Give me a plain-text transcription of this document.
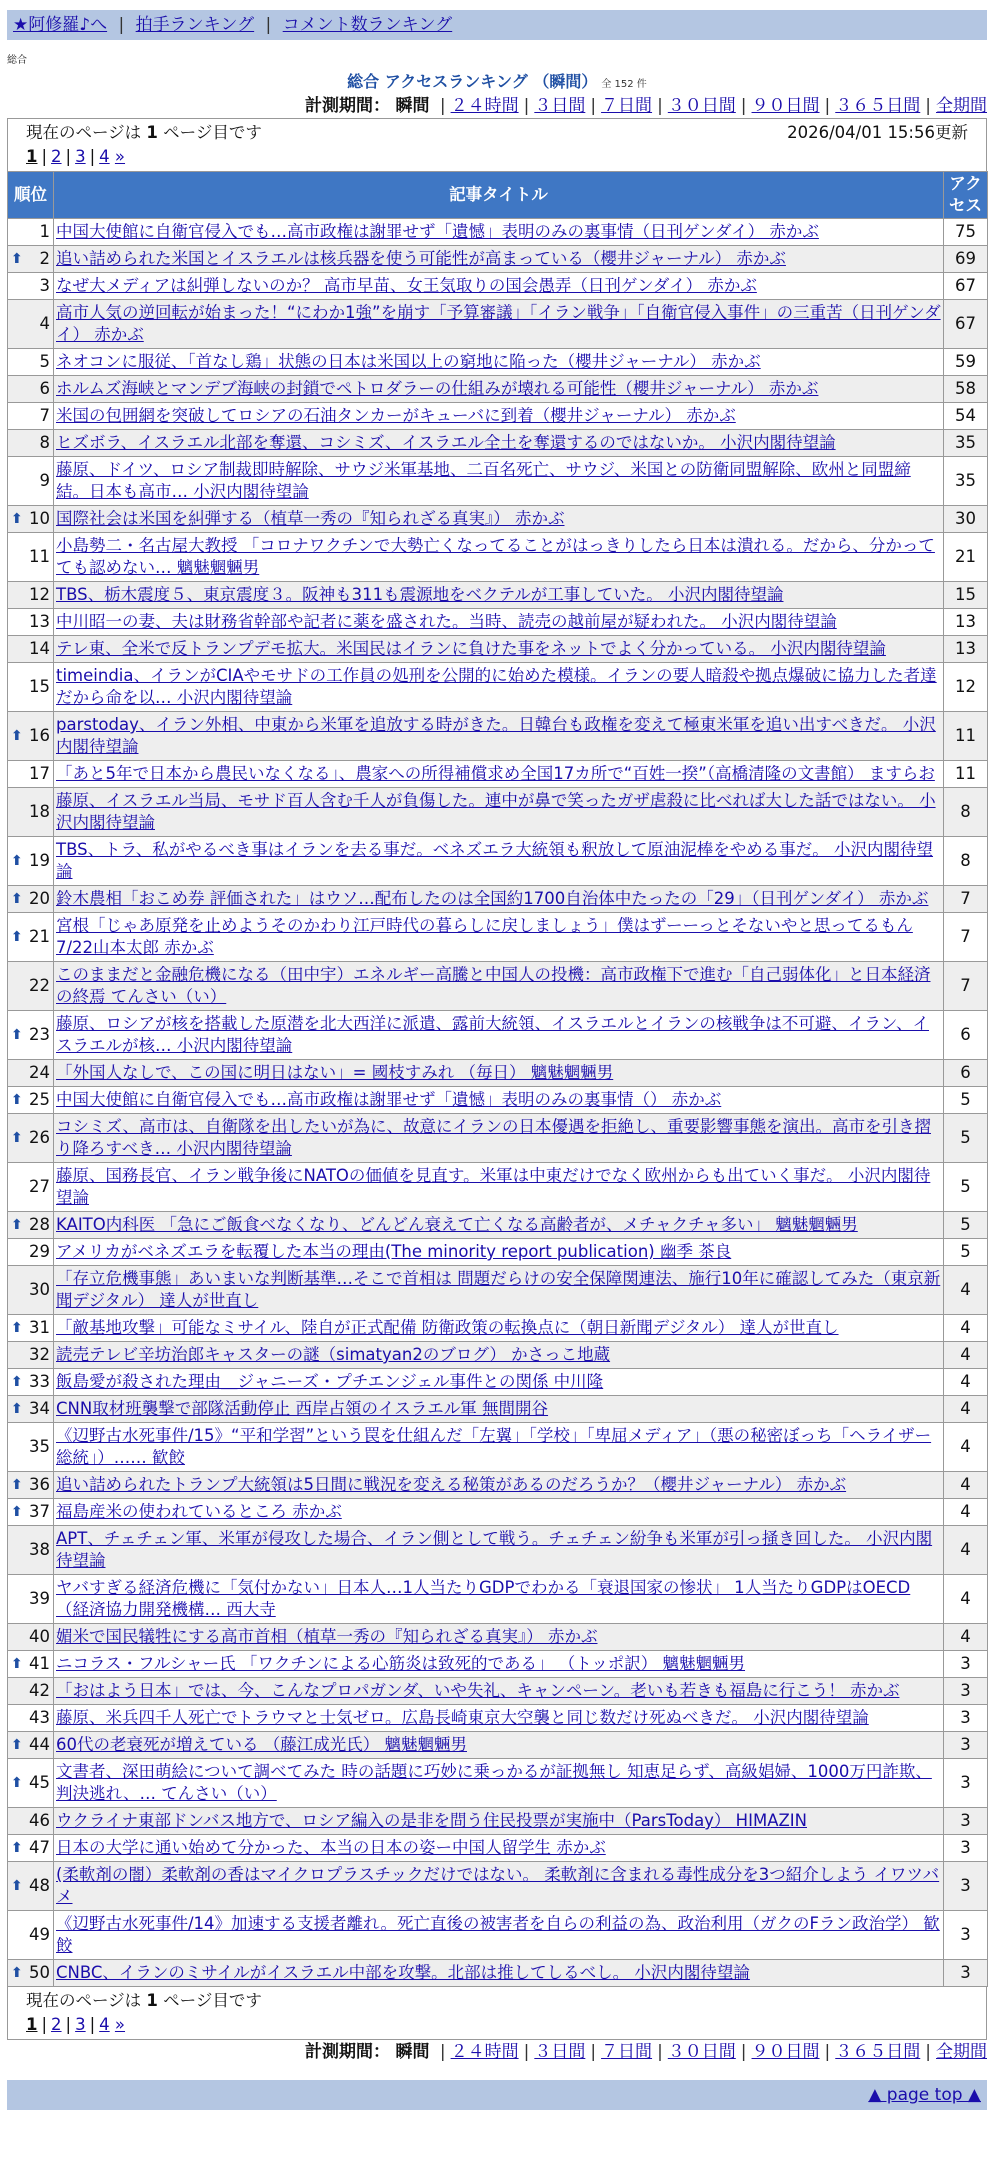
★阿修羅♪へ | 拍手ランキング | コメント数ランキング
総合
総合 アクセスランキング （瞬間） 全 152 件
計測期間： 瞬間 | ２４時間 | ３日間 | ７日間 | ３０日間 | ９０日間 | ３６５日間 | 全期間
現在のページは 1 ページ目です	2026/04/01 15:56更新
1 | 2 | 3 | 4 »
順位	記事タイトル	アクセス
1	中国大使館に自衛官侵入でも…高市政権は謝罪せず「遺憾」表明のみの裏事情（日刊ゲンダイ） 赤かぶ	75

⬆ 2	追い詰められた米国とイスラエルは核兵器を使う可能性が高まっている（櫻井ジャーナル） 赤かぶ	69
3	なぜ大メディアは糾弾しないのか？ 高市早苗、女王気取りの国会愚弄（日刊ゲンダイ） 赤かぶ	67
4	高市人気の逆回転が始まった！“にわか1強”を崩す「予算審議」「イラン戦争」「自衛官侵入事件」の三重苦（日刊ゲンダイ） 赤かぶ	67
5	ネオコンに服従、「首なし鶏」状態の日本は米国以上の窮地に陥った（櫻井ジャーナル） 赤かぶ	59
6	ホルムズ海峡とマンデブ海峡の封鎖でペトロダラーの仕組みが壊れる可能性（櫻井ジャーナル） 赤かぶ	58
7	米国の包囲網を突破してロシアの石油タンカーがキューバに到着（櫻井ジャーナル） 赤かぶ	54
8	ヒズボラ、イスラエル北部を奪還、コシミズ、イスラエル全土を奪還するのではないか。 小沢内閣待望論	35
9	藤原、ドイツ、ロシア制裁即時解除、サウジ米軍基地、二百名死亡、サウジ、米国との防衛同盟解除、欧州と同盟締結。日本も高市… 小沢内閣待望論	35

⬆ 10	国際社会は米国を糾弾する（植草一秀の『知られざる真実』） 赤かぶ	30
11	小島勢二・名古屋大教授 「コロナワクチンで大勢亡くなってることがはっきりしたら日本は潰れる。だから、分かってても認めない… 魑魅魍魎男	21
12	TBS、栃木震度５、東京震度３。阪神も311も震源地をベクテルが工事していた。 小沢内閣待望論	15
13	中川昭一の妻、夫は財務省幹部や記者に薬を盛された。当時、読売の越前屋が疑われた。 小沢内閣待望論	13
14	テレ東、全米で反トランプデモ拡大。米国民はイランに負けた事をネットでよく分かっている。 小沢内閣待望論	13
15	timeindia、イランがCIAやモサドの工作員の処刑を公開的に始めた模様。イランの要人暗殺や拠点爆破に協力した者達だから命を以… 小沢内閣待望論	12

⬆ 16	parstoday、イラン外相、中東から米軍を追放する時がきた。日韓台も政権を変えて極東米軍を追い出すべきだ。 小沢内閣待望論	11
17	「あと5年で日本から農民いなくなる」、農家への所得補償求め全国17カ所で“百姓一揆”（高橋清隆の文書館） ますらお	11
18	藤原、イスラエル当局、モサド百人含む千人が負傷した。連中が鼻で笑ったガザ虐殺に比べれば大した話ではない。 小沢内閣待望論	8

⬆ 19	TBS、トラ、私がやるべき事はイランを去る事だ。ベネズエラ大統領も釈放して原油泥棒をやめる事だ。 小沢内閣待望論	8

⬆ 20	鈴木農相「おこめ券 評価された」はウソ…配布したのは全国約1700自治体中たったの「29」（日刊ゲンダイ） 赤かぶ	7

⬆ 21	宮根「じゃあ原発を止めようそのかわり江戸時代の暮らしに戻しましょう」僕はずーーっとそないやと思ってるもん7/22山本太郎 赤かぶ	7
22	このままだと金融危機になる（田中宇）エネルギー高騰と中国人の投機：高市政権下で進む「自己弱体化」と日本経済の終焉 てんさい（い）	7

⬆ 23	藤原、ロシアが核を搭載した原潜を北大西洋に派遣、露前大統領、イスラエルとイランの核戦争は不可避、イラン、イスラエルが核… 小沢内閣待望論	6
24	「外国人なしで、この国に明日はない」= 國枝すみれ （毎日） 魑魅魍魎男	6

⬆ 25	中国大使館に自衛官侵入でも…高市政権は謝罪せず「遺憾」表明のみの裏事情（） 赤かぶ	5

⬆ 26	コシミズ、高市は、自衛隊を出したいが為に、故意にイランの日本優遇を拒絶し、重要影響事態を演出。高市を引き摺り降ろすべき… 小沢内閣待望論	5
27	藤原、国務長官、イラン戦争後にNATOの価値を見直す。米軍は中東だけでなく欧州からも出ていく事だ。 小沢内閣待望論	5

⬆ 28	KAITO内科医 「急にご飯食べなくなり、どんどん衰えて亡くなる高齢者が、メチャクチャ多い」 魑魅魍魎男	5
29	アメリカがベネズエラを転覆した本当の理由(The minority report publication) 幽季 茶良	5
30	「存立危機事態」あいまいな判断基準…そこで首相は 問題だらけの安全保障関連法、施行10年に確認してみた（東京新聞デジタル） 達人が世直し	4

⬆ 31	「敵基地攻撃」可能なミサイル、陸自が正式配備 防衛政策の転換点に（朝日新聞デジタル） 達人が世直し	4
32	読売テレビ辛坊治郎キャスターの謎（simatyan2のブログ） かさっこ地蔵	4

⬆ 33	飯島愛が殺された理由＿ジャニーズ・プチエンジェル事件との関係 中川隆	4

⬆ 34	CNN取材班襲撃で部隊活動停止 西岸占領のイスラエル軍 無間開谷	4
35	《辺野古水死事件/15》“平和学習”という罠を仕組んだ「左翼」「学校」「卑屈メディア」（悪の秘密ぼっち「ヘライザー総統」）…… 歓餃	4

⬆ 36	追い詰められたトランプ大統領は5日間に戦況を変える秘策があるのだろうか？（櫻井ジャーナル） 赤かぶ	4

⬆ 37	福島産米の使われているところ 赤かぶ	4
38	APT、チェチェン軍、米軍が侵攻した場合、イラン側として戦う。チェチェン紛争も米軍が引っ掻き回した。 小沢内閣待望論	4
39	ヤバすぎる経済危機に「気付かない」日本人…1人当たりGDPでわかる「衰退国家の惨状」 1人当たりGDPはOECD（経済協力開発機構… 西大寺	4
40	媚米で国民犠牲にする高市首相（植草一秀の『知られざる真実』） 赤かぶ	4

⬆ 41	ニコラス・フルシャー氏 「ワクチンによる心筋炎は致死的である」 （トッポ訳） 魑魅魍魎男	3
42	「おはよう日本」では、今、こんなプロパガンダ、いや失礼、キャンペーン。老いも若きも福島に行こう！ 赤かぶ	3
43	藤原、米兵四千人死亡でトラウマと士気ゼロ。広島長崎東京大空襲と同じ数だけ死ぬべきだ。 小沢内閣待望論	3

⬆ 44	60代の老衰死が増えている （藤江成光氏） 魑魅魍魎男	3

⬆ 45	文書者、深田萌絵について調べてみた 時の話題に巧妙に乗っかるが証拠無し 知恵足らず、高級娼婦、1000万円詐欺、判決逃れ、… てんさい（い）	3
46	ウクライナ東部ドンバス地方で、ロシア編入の是非を問う住民投票が実施中（ParsToday） HIMAZIN	3

⬆ 47	日本の大学に通い始めて分かった、本当の日本の姿ー中国人留学生 赤かぶ	3

⬆ 48	(柔軟剤の闇）柔軟剤の香はマイクロプラスチックだけではない。 柔軟剤に含まれる毒性成分を3つ紹介しよう イワツバメ	3
49	《辺野古水死事件/14》加速する支援者離れ。死亡直後の被害者を自らの利益の為、政治利用（ガクのFラン政治学） 歓餃	3

⬆ 50	CNBC、イランのミサイルがイスラエル中部を攻撃。北部は推してしるべし。 小沢内閣待望論	3
現在のページは 1 ページ目です
1 | 2 | 3 | 4 »
計測期間： 瞬間 | ２４時間 | ３日間 | ７日間 | ３０日間 | ９０日間 | ３６５日間 | 全期間
▲ page top ▲
